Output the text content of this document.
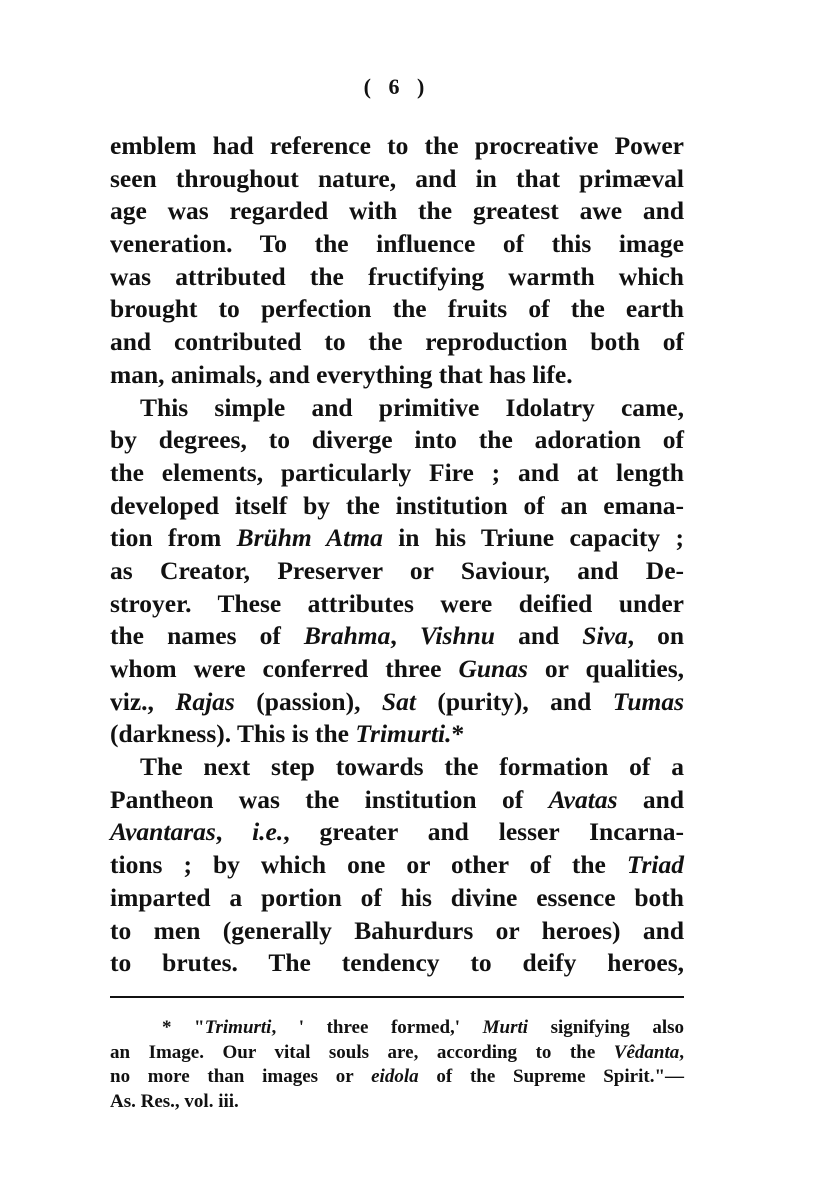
( 6 )
emblem had reference to the procreative Power
seen throughout nature, and in that primæval
age was regarded with the greatest awe and
veneration. To the influence of this image
was attributed the fructifying warmth which
brought to perfection the fruits of the earth
and contributed to the reproduction both of
man, animals, and everything that has life.
This simple and primitive Idolatry came,
by degrees, to diverge into the adoration of
the elements, particularly Fire ; and at length
developed itself by the institution of an emana-
tion from Brühm Atma in his Triune capacity ;
as Creator, Preserver or Saviour, and De-
stroyer. These attributes were deified under
the names of Brahma, Vishnu and Siva, on
whom were conferred three Gunas or qualities,
viz., Rajas (passion), Sat (purity), and Tumas
(darkness). This is the Trimurti.*
The next step towards the formation of a
Pantheon was the institution of Avatas and
Avantaras, i.e., greater and lesser Incarna-
tions ; by which one or other of the Triad
imparted a portion of his divine essence both
to men (generally Bahurdurs or heroes) and
to brutes. The tendency to deify heroes,
* "Trimurti, ' three formed,' Murti signifying also
an Image. Our vital souls are, according to the Vêdanta,
no more than images or eidola of the Supreme Spirit."—
As. Res., vol. iii.
